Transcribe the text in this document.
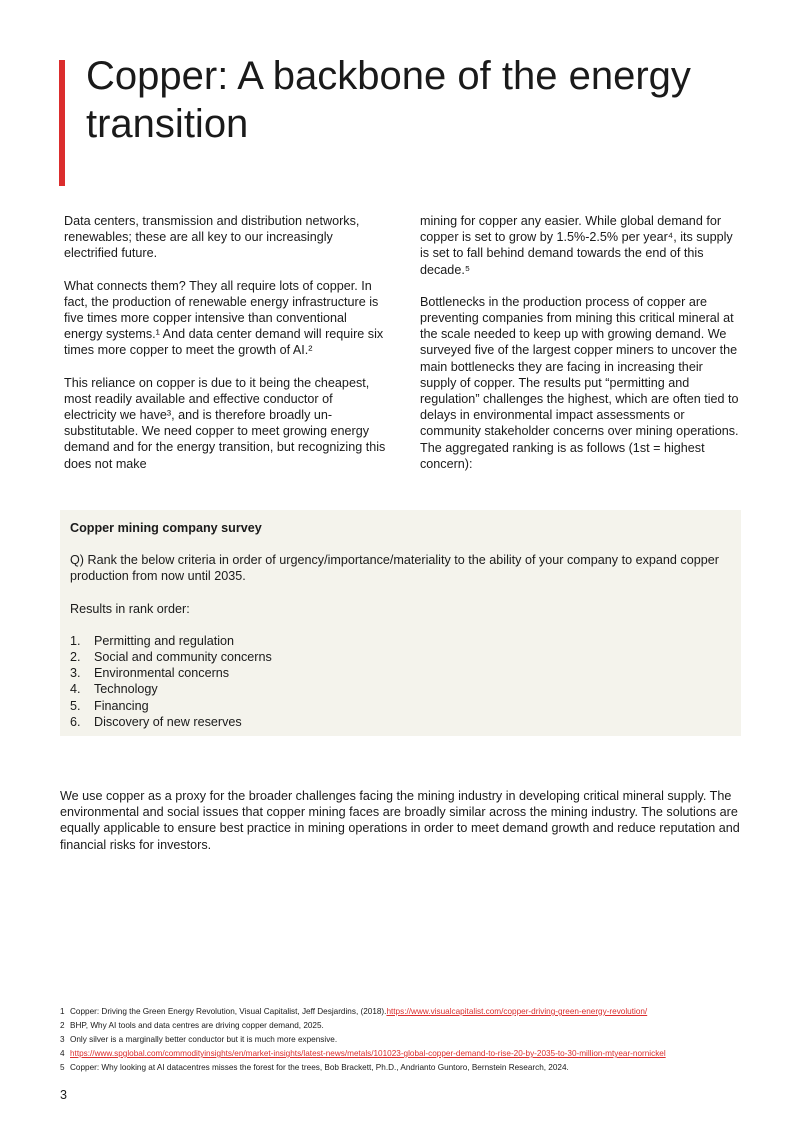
Copper: A backbone of the energy transition

Data centers, transmission and distribution networks, renewables; these are all key to our increasingly electrified future.

What connects them? They all require lots of copper. In fact, the production of renewable energy infrastructure is five times more copper intensive than conventional energy systems.¹ And data center demand will require six times more copper to meet the growth of AI.²

This reliance on copper is due to it being the cheapest, most readily available and effective conductor of electricity we have³, and is therefore broadly un-substitutable. We need copper to meet growing energy demand and for the energy transition, but recognizing this does not make

mining for copper any easier. While global demand for copper is set to grow by 1.5%-2.5% per year⁴, its supply is set to fall behind demand towards the end of this decade.⁵

Bottlenecks in the production process of copper are preventing companies from mining this critical mineral at the scale needed to keep up with growing demand. We surveyed five of the largest copper miners to uncover the main bottlenecks they are facing in increasing their supply of copper. The results put “permitting and regulation” challenges the highest, which are often tied to delays in environmental impact assessments or community stakeholder concerns over mining operations. The aggregated ranking is as follows (1st = highest concern):

Copper mining company survey

Q) Rank the below criteria in order of urgency/importance/materiality to the ability of your company to expand copper production from now until 2035.

Results in rank order:

1.	Permitting and regulation
2.	Social and community concerns
3.	Environmental concerns
4.	Technology
5.	Financing
6.	Discovery of new reserves

We use copper as a proxy for the broader challenges facing the mining industry in developing critical mineral supply. The environmental and social issues that copper mining faces are broadly similar across the mining industry. The solutions are equally applicable to ensure best practice in mining operations in order to meet demand growth and reduce reputation and financial risks for investors.

1 Copper: Driving the Green Energy Revolution, Visual Capitalist, Jeff Desjardins, (2018). https://www.visualcapitalist.com/copper-driving-green-energy-revolution/
2 BHP, Why AI tools and data centres are driving copper demand, 2025.
3 Only silver is a marginally better conductor but it is much more expensive.
4 https://www.spglobal.com/commodityinsights/en/market-insights/latest-news/metals/101023-global-copper-demand-to-rise-20-by-2035-to-30-million-mtyear-nornickel
5 Copper: Why looking at AI datacentres misses the forest for the trees, Bob Brackett, Ph.D., Andrianto Guntoro, Bernstein Research, 2024.
3
